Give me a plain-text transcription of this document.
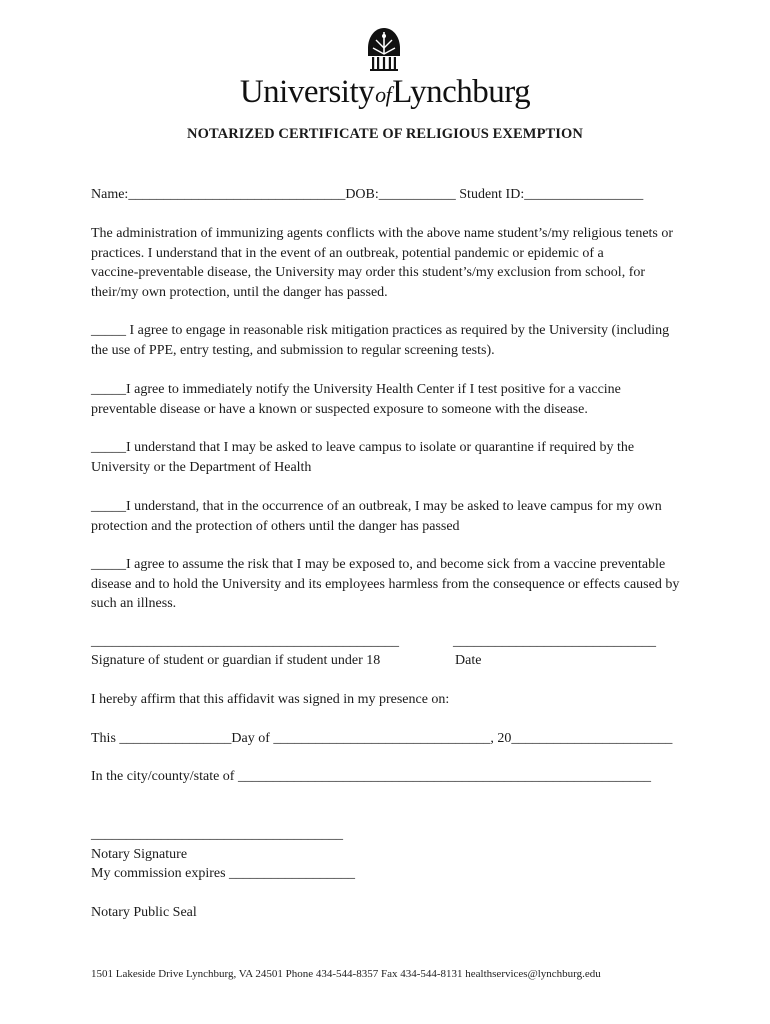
UniversityofLynchburg
NOTARIZED CERTIFICATE OF RELIGIOUS EXEMPTION
Name:_______________________________DOB:___________ Student ID:_________________
The administration of immunizing agents conflicts with the above name student’s/my religious tenets or
practices. I understand that in the event of an outbreak, potential pandemic or epidemic of a
vaccine‐preventable disease, the University may order this student’s/my exclusion from school, for
their/my own protection, until the danger has passed.
_____ I agree to engage in reasonable risk mitigation practices as required by the University (including
the use of PPE, entry testing, and submission to regular screening tests).
_____I agree to immediately notify the University Health Center if I test positive for a vaccine
preventable disease or have a known or suspected exposure to someone with the disease.
_____I understand that I may be asked to leave campus to isolate or quarantine if required by the
University or the Department of Health
_____I understand, that in the occurrence of an outbreak, I may be asked to leave campus for my own
protection and the protection of others until the danger has passed
_____I agree to assume the risk that I may be exposed to, and become sick from a vaccine preventable
disease and to hold the University and its employees harmless from the consequence or effects caused by
such an illness.
____________________________________________	_____________________________
Signature of student or guardian if student under 18	Date
I hereby affirm that this affidavit was signed in my presence on:
This ________________Day of _______________________________, 20_______________________
In the city/county/state of ___________________________________________________________
____________________________________
Notary Signature
My commission expires __________________
Notary Public Seal
1501 Lakeside Drive Lynchburg, VA 24501 Phone 434-544-8357 Fax 434-544-8131 healthservices@lynchburg.edu
